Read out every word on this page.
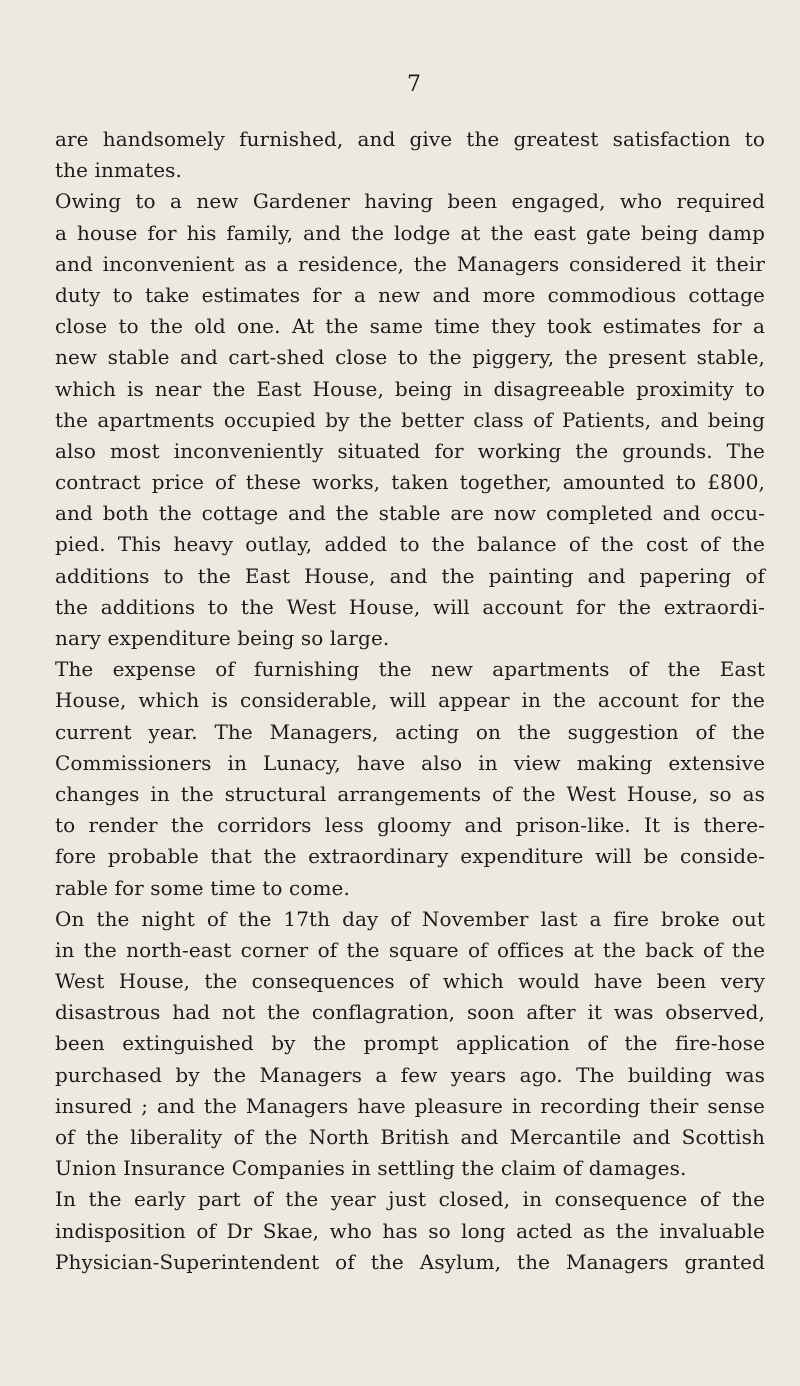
7
are handsomely furnished, and give the greatest satisfaction to
the inmates.
Owing to a new Gardener having been engaged, who required
a house for his family, and the lodge at the east gate being damp
and inconvenient as a residence, the Managers considered it their
duty to take estimates for a new and more commodious cottage
close to the old one. At the same time they took estimates for a
new stable and cart-shed close to the piggery, the present stable,
which is near the East House, being in disagreeable proximity to
the apartments occupied by the better class of Patients, and being
also most inconveniently situated for working the grounds. The
contract price of these works, taken together, amounted to £800,
and both the cottage and the stable are now completed and occu-
pied. This heavy outlay, added to the balance of the cost of the
additions to the East House, and the painting and papering of
the additions to the West House, will account for the extraordi-
nary expenditure being so large.
The expense of furnishing the new apartments of the East
House, which is considerable, will appear in the account for the
current year. The Managers, acting on the suggestion of the
Commissioners in Lunacy, have also in view making extensive
changes in the structural arrangements of the West House, so as
to render the corridors less gloomy and prison-like. It is there-
fore probable that the extraordinary expenditure will be conside-
rable for some time to come.
On the night of the 17th day of November last a fire broke out
in the north-east corner of the square of offices at the back of the
West House, the consequences of which would have been very
disastrous had not the conflagration, soon after it was observed,
been extinguished by the prompt application of the fire-hose
purchased by the Managers a few years ago. The building was
insured ; and the Managers have pleasure in recording their sense
of the liberality of the North British and Mercantile and Scottish
Union Insurance Companies in settling the claim of damages.
In the early part of the year just closed, in consequence of the
indisposition of Dr Skae, who has so long acted as the invaluable
Physician-Superintendent of the Asylum, the Managers granted
